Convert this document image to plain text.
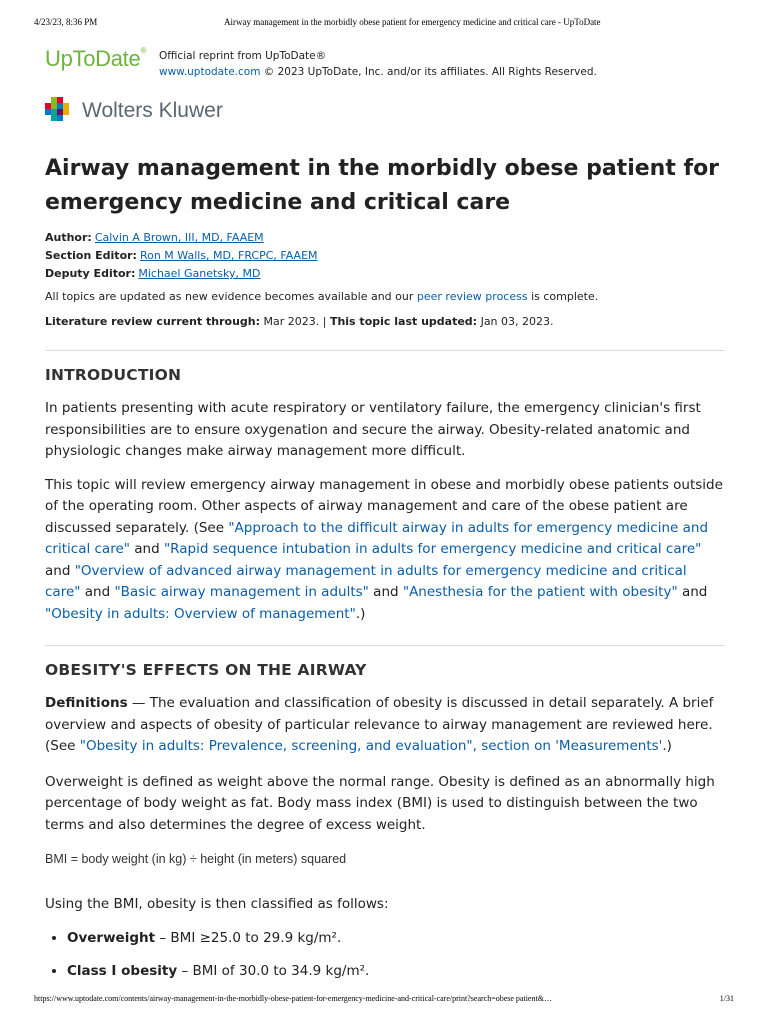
4/23/23, 8:36 PM	Airway management in the morbidly obese patient for emergency medicine and critical care - UpToDate
UpToDate® Official reprint from UpToDate®
www.uptodate.com © 2023 UpToDate, Inc. and/or its affiliates. All Rights Reserved.
Wolters Kluwer
Airway management in the morbidly obese patient for emergency medicine and critical care
Author: Calvin A Brown, III, MD, FAAEM
Section Editor: Ron M Walls, MD, FRCPC, FAAEM
Deputy Editor: Michael Ganetsky, MD
All topics are updated as new evidence becomes available and our peer review process is complete.
Literature review current through: Mar 2023. | This topic last updated: Jan 03, 2023.
INTRODUCTION

In patients presenting with acute respiratory or ventilatory failure, the emergency clinician's first responsibilities are to ensure oxygenation and secure the airway. Obesity-related anatomic and physiologic changes make airway management more difficult.

This topic will review emergency airway management in obese and morbidly obese patients outside of the operating room. Other aspects of airway management and care of the obese patient are discussed separately. (See "Approach to the difficult airway in adults for emergency medicine and critical care" and "Rapid sequence intubation in adults for emergency medicine and critical care" and "Overview of advanced airway management in adults for emergency medicine and critical care" and "Basic airway management in adults" and "Anesthesia for the patient with obesity" and "Obesity in adults: Overview of management".)

OBESITY'S EFFECTS ON THE AIRWAY

Definitions — The evaluation and classification of obesity is discussed in detail separately. A brief overview and aspects of obesity of particular relevance to airway management are reviewed here. (See "Obesity in adults: Prevalence, screening, and evaluation", section on 'Measurements'.)

Overweight is defined as weight above the normal range. Obesity is defined as an abnormally high percentage of body weight as fat. Body mass index (BMI) is used to distinguish between the two terms and also determines the degree of excess weight.

BMI = body weight (in kg) ÷ height (in meters) squared

Using the BMI, obesity is then classified as follows:

• Overweight – BMI ≥25.0 to 29.9 kg/m².
• Class I obesity – BMI of 30.0 to 34.9 kg/m².
https://www.uptodate.com/contents/airway-management-in-the-morbidly-obese-patient-for-emergency-medicine-and-critical-care/print?search=obese patient&…	1/31
